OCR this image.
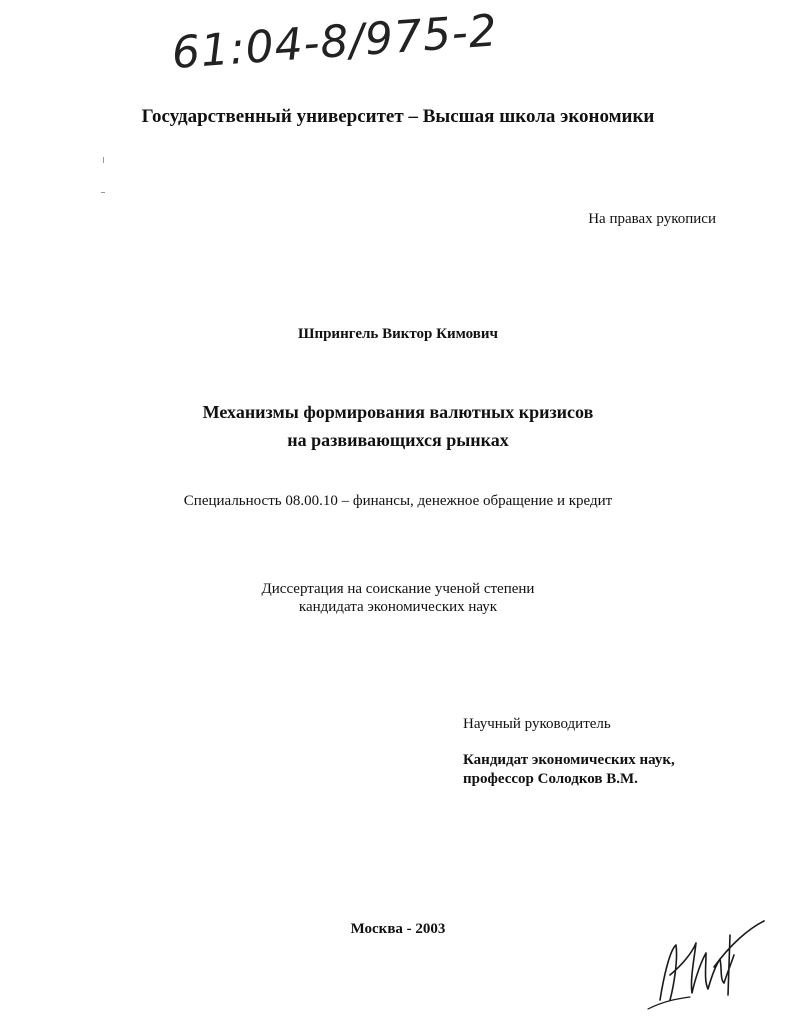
61:04-8/975-2
Государственный университет – Высшая школа экономики
На правах рукописи
Шпрингель Виктор Кимович
Механизмы формирования валютных кризисов
на развивающихся рынках
Специальность 08.00.10 – финансы, денежное обращение и кредит
Диссертация на соискание ученой степени
кандидата экономических наук
Научный руководитель
Кандидат экономических наук,
профессор Солодков В.М.
Москва - 2003
